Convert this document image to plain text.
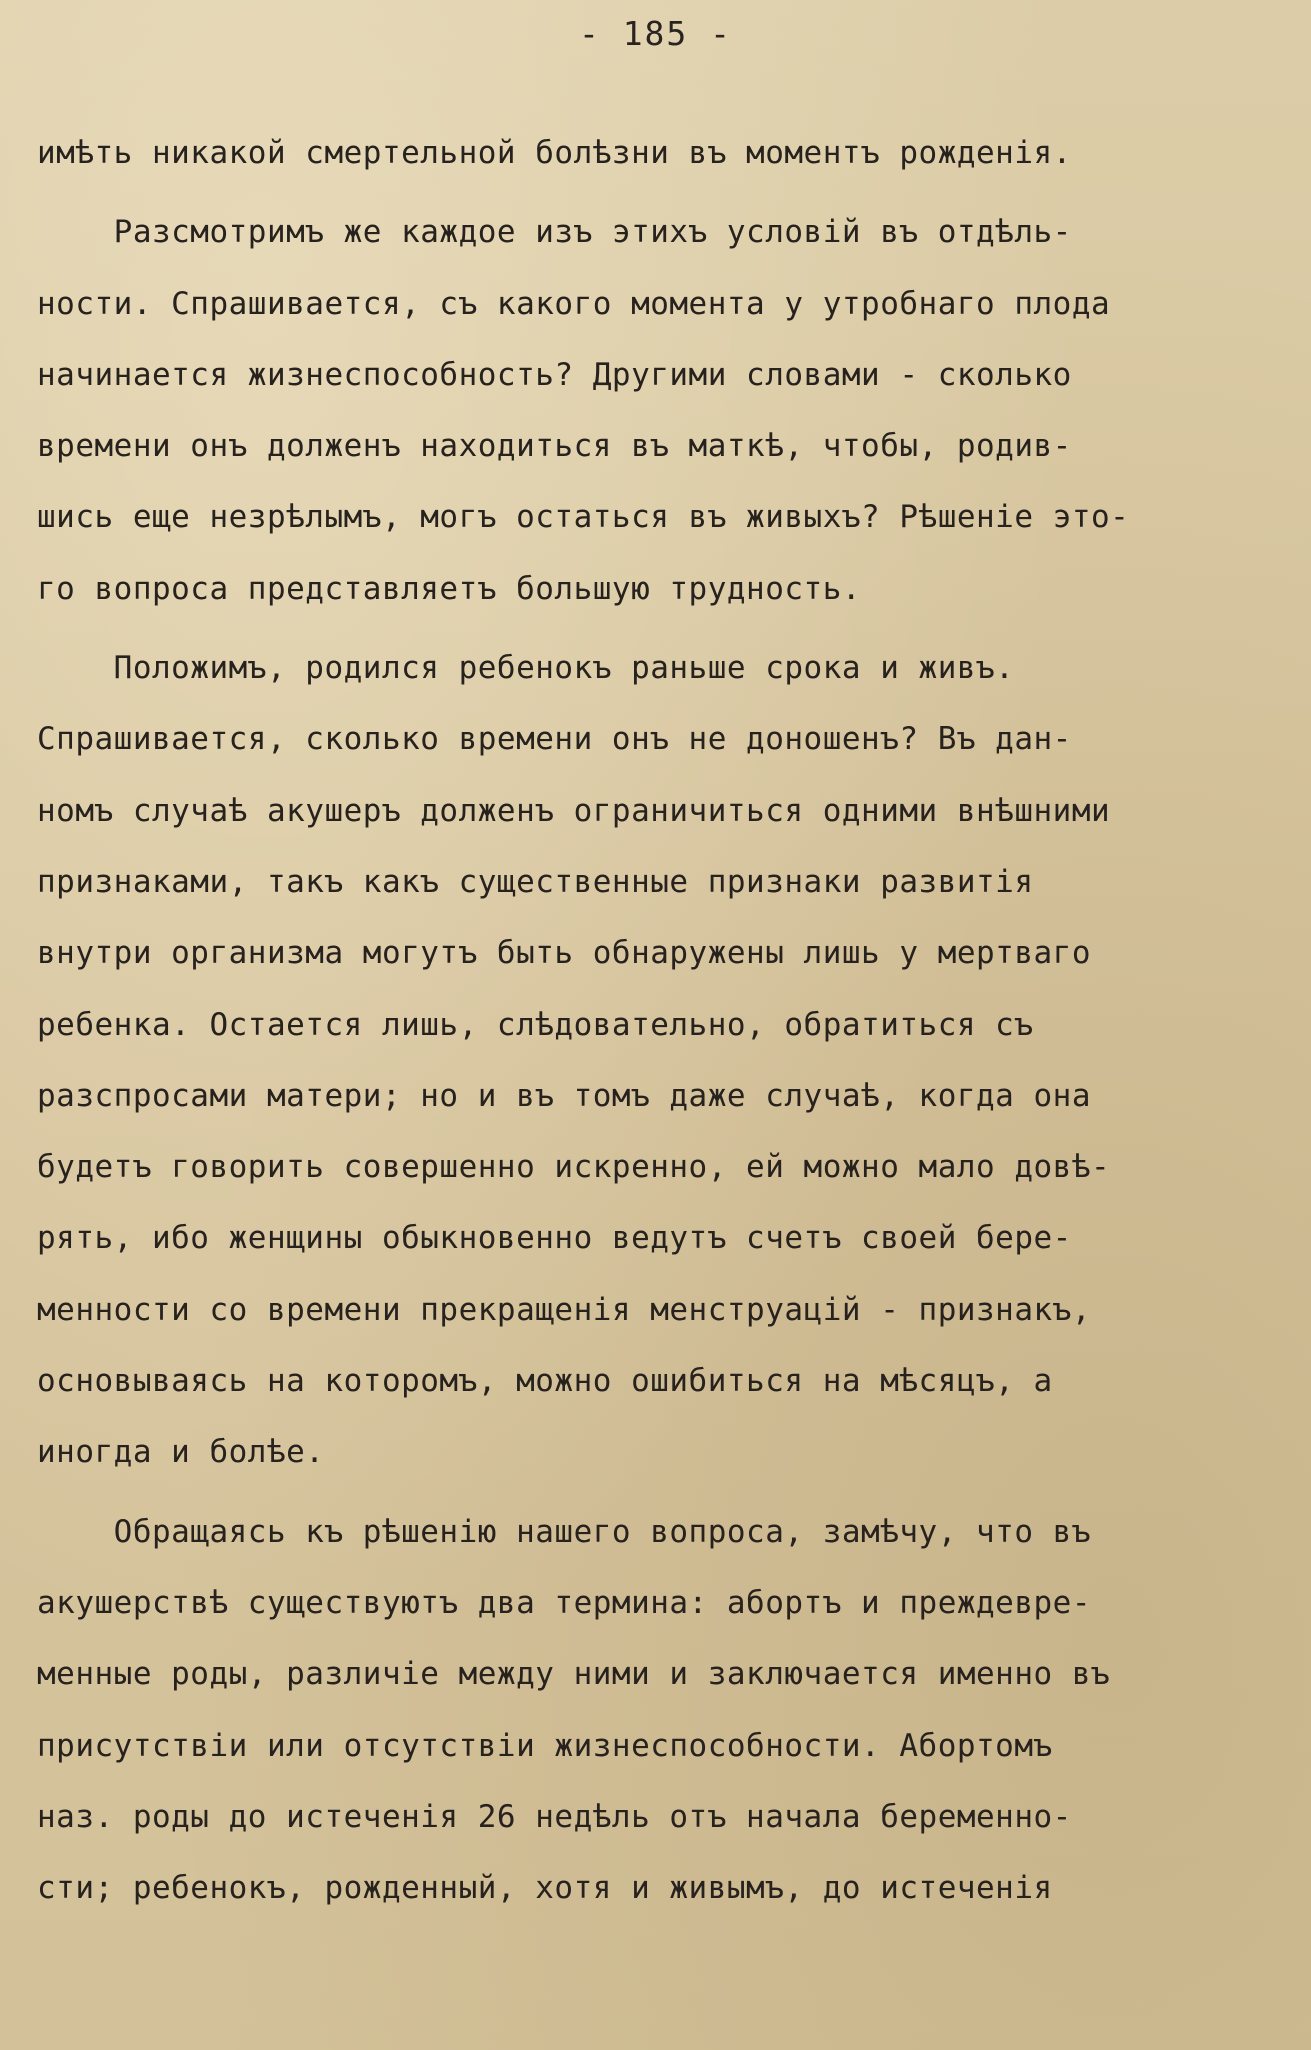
- 185 -
имѣть никакой смертельной болѣзни въ моментъ рожденія.
Разсмотримъ же каждое изъ этихъ условій въ отдѣль-
ности. Спрашивается, съ какого момента у утробнаго плода
начинается жизнеспособность? Другими словами - сколько
времени онъ долженъ находиться въ маткѣ, чтобы, родив-
шись еще незрѣлымъ, могъ остаться въ живыхъ? Рѣшеніе это-
го вопроса представляетъ большую трудность.
Положимъ, родился ребенокъ раньше срока и живъ.
Спрашивается, сколько времени онъ не доношенъ? Въ дан-
номъ случаѣ акушеръ долженъ ограничиться одними внѣшними
признаками, такъ какъ существенные признаки развитія
внутри организма могутъ быть обнаружены лишь у мертваго
ребенка. Остается лишь, слѣдовательно, обратиться съ
разспросами матери; но и въ томъ даже случаѣ, когда она
будетъ говорить совершенно искренно, ей можно мало довѣ-
рять, ибо женщины обыкновенно ведутъ счетъ своей бере-
менности со времени прекращенія менструацій - признакъ,
основываясь на которомъ, можно ошибиться на мѣсяцъ, а
иногда и болѣе.
Обращаясь къ рѣшенію нашего вопроса, замѣчу, что въ
акушерствѣ существуютъ два термина: абортъ и преждевре-
менные роды, различіе между ними и заключается именно въ
присутствіи или отсутствіи жизнеспособности. Абортомъ
наз. роды до истеченія 26 недѣль отъ начала беременно-
сти; ребенокъ, рожденный, хотя и живымъ, до истеченія
